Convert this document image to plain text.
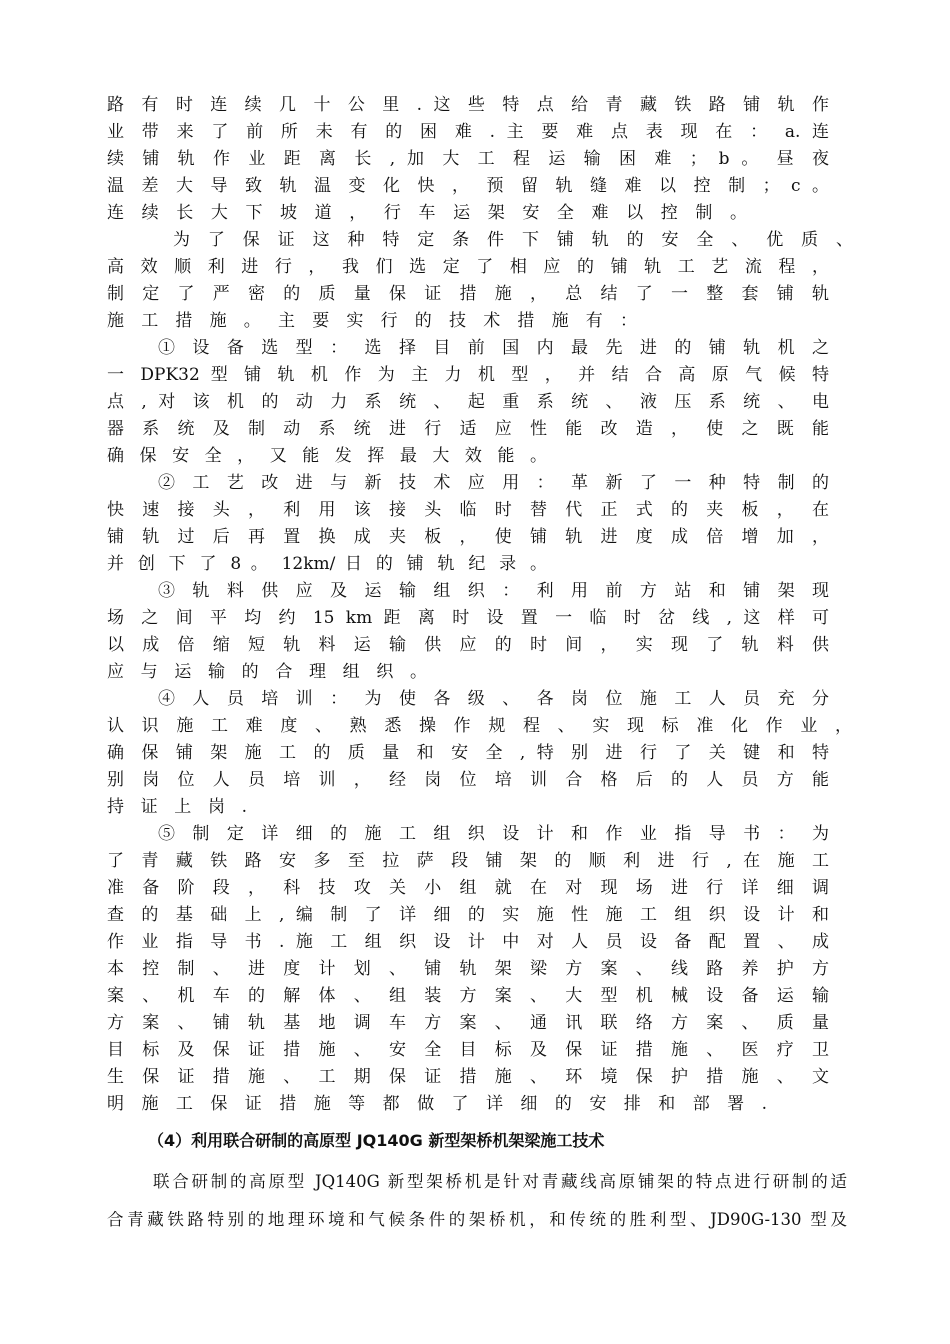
路 有 时 连 续 几 十 公 里 . 这 些 特 点 给 青 藏 铁 路 铺 轨 作
业 带 来 了 前 所 未 有 的 困 难 . 主 要 难 点 表 现 在 ： a. 连
续 铺 轨 作 业 距 离 长 , 加 大 工 程 运 输 困 难 ； b 。 昼 夜
温 差 大 导 致 轨 温 变 化 快 ， 预 留 轨 缝 难 以 控 制 ； c 。
连 续 长 大 下 坡 道 ， 行 车 运 架 安 全 难 以 控 制 。
为 了 保 证 这 种 特 定 条 件 下 铺 轨 的 安 全 、 优 质 、
高 效 顺 利 进 行 ， 我 们 选 定 了 相 应 的 铺 轨 工 艺 流 程 ，
制 定 了 严 密 的 质 量 保 证 措 施 ， 总 结 了 一 整 套 铺 轨
施 工 措 施 。 主 要 实 行 的 技 术 措 施 有 ：
① 设 备 选 型 ： 选 择 目 前 国 内 最 先 进 的 铺 轨 机 之
一 DPK32 型 铺 轨 机 作 为 主 力 机 型 ， 并 结 合 高 原 气 候 特
点 , 对 该 机 的 动 力 系 统 、 起 重 系 统 、 液 压 系 统 、 电
器 系 统 及 制 动 系 统 进 行 适 应 性 能 改 造 ， 使 之 既 能
确 保 安 全 ， 又 能 发 挥 最 大 效 能 。
② 工 艺 改 进 与 新 技 术 应 用 ： 革 新 了 一 种 特 制 的
快 速 接 头 ， 利 用 该 接 头 临 时 替 代 正 式 的 夹 板 ， 在
铺 轨 过 后 再 置 换 成 夹 板 ， 使 铺 轨 进 度 成 倍 增 加 ，
并 创 下 了 8 。 12km/ 日 的 铺 轨 纪 录 。
③ 轨 料 供 应 及 运 输 组 织 ： 利 用 前 方 站 和 铺 架 现
场 之 间 平 均 约 15 km 距 离 时 设 置 一 临 时 岔 线 , 这 样 可
以 成 倍 缩 短 轨 料 运 输 供 应 的 时 间 ， 实 现 了 轨 料 供
应 与 运 输 的 合 理 组 织 。
④ 人 员 培 训 ： 为 使 各 级 、 各 岗 位 施 工 人 员 充 分
认 识 施 工 难 度 、 熟 悉 操 作 规 程 、 实 现 标 准 化 作 业 ，
确 保 铺 架 施 工 的 质 量 和 安 全 , 特 别 进 行 了 关 键 和 特
别 岗 位 人 员 培 训 ， 经 岗 位 培 训 合 格 后 的 人 员 方 能
持 证 上 岗 .
⑤ 制 定 详 细 的 施 工 组 织 设 计 和 作 业 指 导 书 ： 为
了 青 藏 铁 路 安 多 至 拉 萨 段 铺 架 的 顺 利 进 行 , 在 施 工
准 备 阶 段 ， 科 技 攻 关 小 组 就 在 对 现 场 进 行 详 细 调
查 的 基 础 上 , 编 制 了 详 细 的 实 施 性 施 工 组 织 设 计 和
作 业 指 导 书 . 施 工 组 织 设 计 中 对 人 员 设 备 配 置 、 成
本 控 制 、 进 度 计 划 、 铺 轨 架 梁 方 案 、 线 路 养 护 方
案 、 机 车 的 解 体 、 组 装 方 案 、 大 型 机 械 设 备 运 输
方 案 、 铺 轨 基 地 调 车 方 案 、 通 讯 联 络 方 案 、 质 量
目 标 及 保 证 措 施 、 安 全 目 标 及 保 证 措 施 、 医 疗 卫
生 保 证 措 施 、 工 期 保 证 措 施 、 环 境 保 护 措 施 、 文
明 施 工 保 证 措 施 等 都 做 了 详 细 的 安 排 和 部 署 .
（4）利用联合研制的高原型 JQ140G 新型架桥机架梁施工技术
联合研制的高原型 JQ140G 新型架桥机是针对青藏线高原铺架的特点进行研制的适
合青藏铁路特别的地理环境和气候条件的架桥机，和传统的胜利型、JD90G-130 型及
